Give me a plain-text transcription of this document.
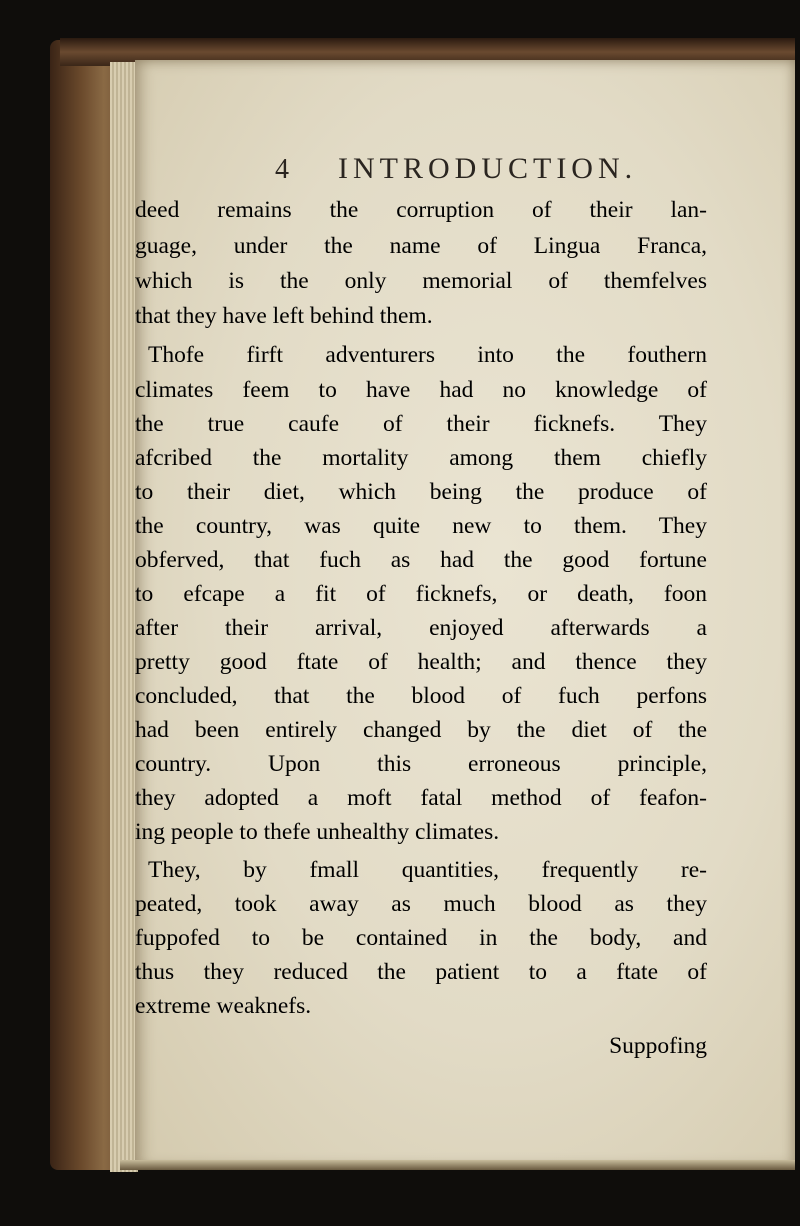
4 INTRODUCTION.
deed remains the corruption of their lan-
guage, under the name of Lingua Franca,
which is the only memorial of themfelves
that they have left behind them.
Thofe firft adventurers into the fouthern
climates feem to have had no knowledge of
the true caufe of their ficknefs. They
afcribed the mortality among them chiefly
to their diet, which being the produce of
the country, was quite new to them. They
obferved, that fuch as had the good fortune
to efcape a fit of ficknefs, or death, foon
after their arrival, enjoyed afterwards a
pretty good ftate of health; and thence they
concluded, that the blood of fuch perfons
had been entirely changed by the diet of the
country. Upon this erroneous principle,
they adopted a moft fatal method of feafon-
ing people to thefe unhealthy climates.
They, by fmall quantities, frequently re-
peated, took away as much blood as they
fuppofed to be contained in the body, and
thus they reduced the patient to a ftate of
extreme weaknefs.
Suppofing
